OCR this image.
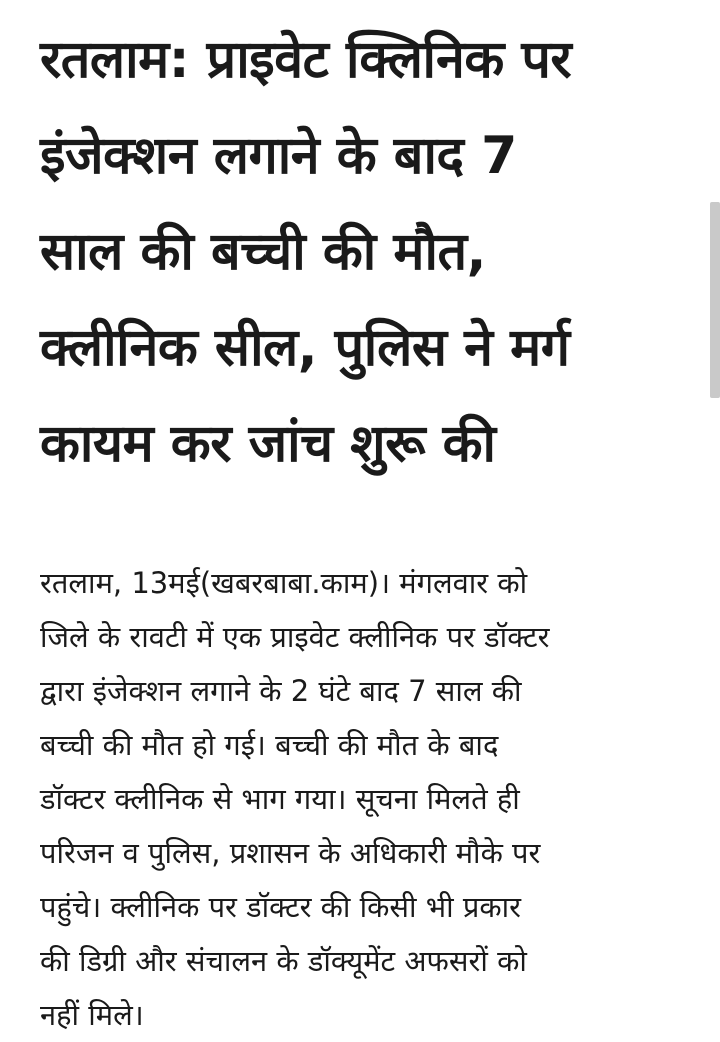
रतलाम: प्राइवेट क्लिनिक पर
इंजेक्शन लगाने के बाद 7
साल की बच्ची की मौत,
क्लीनिक सील, पुलिस ने मर्ग
कायम कर जांच शुरू की

रतलाम, 13मई(खबरबाबा.काम)। मंगलवार को
जिले के रावटी में एक प्राइवेट क्लीनिक पर डॉक्टर
द्वारा इंजेक्शन लगाने के 2 घंटे बाद 7 साल की
बच्ची की मौत हो गई। बच्ची की मौत के बाद
डॉक्टर क्लीनिक से भाग गया। सूचना मिलते ही
परिजन व पुलिस, प्रशासन के अधिकारी मौके पर
पहुंचे। क्लीनिक पर डॉक्टर की किसी भी प्रकार
की डिग्री और संचालन के डॉक्यूमेंट अफसरों को
नहीं मिले।
